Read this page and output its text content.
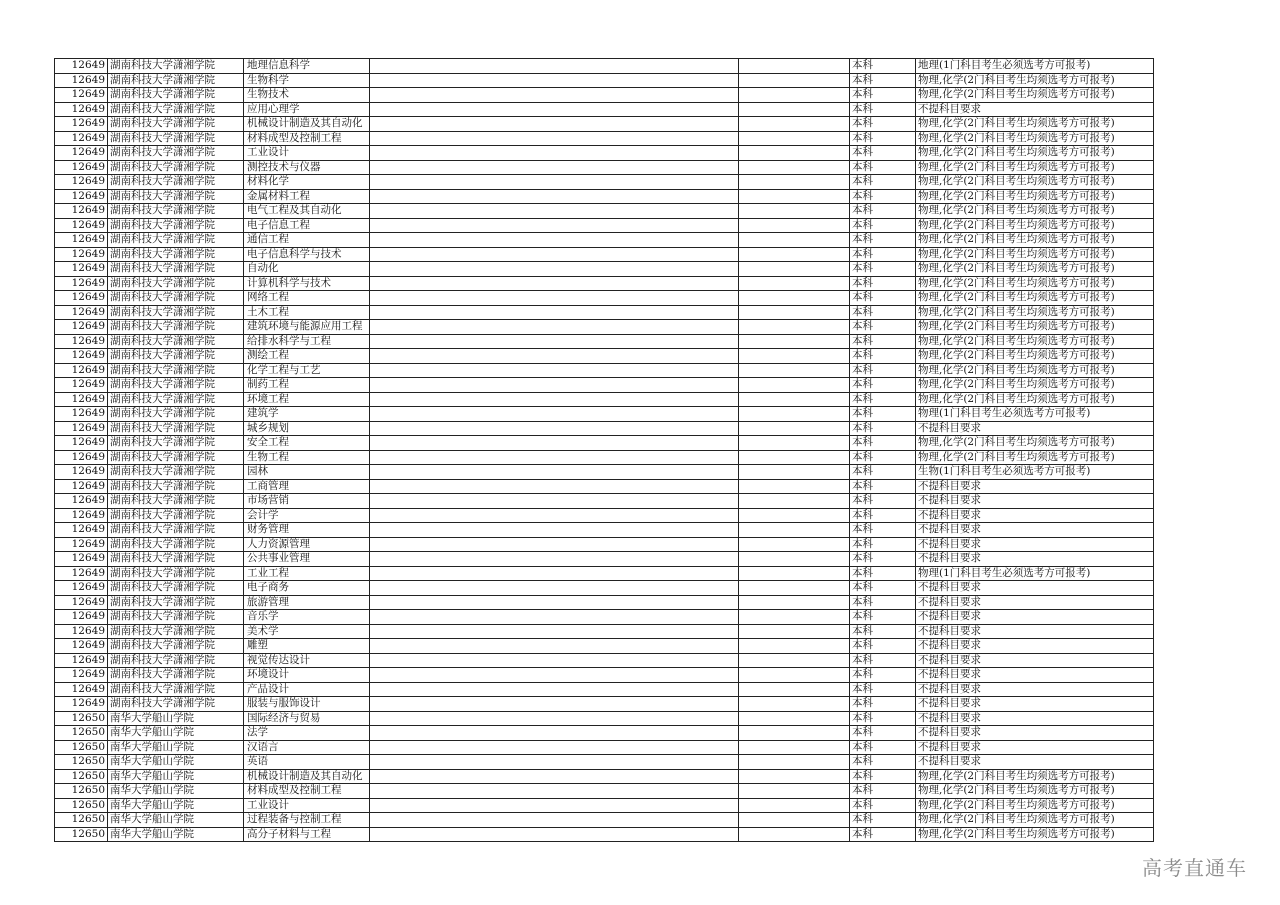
12649	湖南科技大学潇湘学院	地理信息科学			本科	地理(1门科目考生必须选考方可报考)
12649	湖南科技大学潇湘学院	生物科学			本科	物理,化学(2门科目考生均须选考方可报考)
12649	湖南科技大学潇湘学院	生物技术			本科	物理,化学(2门科目考生均须选考方可报考)
12649	湖南科技大学潇湘学院	应用心理学			本科	不提科目要求
12649	湖南科技大学潇湘学院	机械设计制造及其自动化			本科	物理,化学(2门科目考生均须选考方可报考)
12649	湖南科技大学潇湘学院	材料成型及控制工程			本科	物理,化学(2门科目考生均须选考方可报考)
12649	湖南科技大学潇湘学院	工业设计			本科	物理,化学(2门科目考生均须选考方可报考)
12649	湖南科技大学潇湘学院	测控技术与仪器			本科	物理,化学(2门科目考生均须选考方可报考)
12649	湖南科技大学潇湘学院	材料化学			本科	物理,化学(2门科目考生均须选考方可报考)
12649	湖南科技大学潇湘学院	金属材料工程			本科	物理,化学(2门科目考生均须选考方可报考)
12649	湖南科技大学潇湘学院	电气工程及其自动化			本科	物理,化学(2门科目考生均须选考方可报考)
12649	湖南科技大学潇湘学院	电子信息工程			本科	物理,化学(2门科目考生均须选考方可报考)
12649	湖南科技大学潇湘学院	通信工程			本科	物理,化学(2门科目考生均须选考方可报考)
12649	湖南科技大学潇湘学院	电子信息科学与技术			本科	物理,化学(2门科目考生均须选考方可报考)
12649	湖南科技大学潇湘学院	自动化			本科	物理,化学(2门科目考生均须选考方可报考)
12649	湖南科技大学潇湘学院	计算机科学与技术			本科	物理,化学(2门科目考生均须选考方可报考)
12649	湖南科技大学潇湘学院	网络工程			本科	物理,化学(2门科目考生均须选考方可报考)
12649	湖南科技大学潇湘学院	土木工程			本科	物理,化学(2门科目考生均须选考方可报考)
12649	湖南科技大学潇湘学院	建筑环境与能源应用工程			本科	物理,化学(2门科目考生均须选考方可报考)
12649	湖南科技大学潇湘学院	给排水科学与工程			本科	物理,化学(2门科目考生均须选考方可报考)
12649	湖南科技大学潇湘学院	测绘工程			本科	物理,化学(2门科目考生均须选考方可报考)
12649	湖南科技大学潇湘学院	化学工程与工艺			本科	物理,化学(2门科目考生均须选考方可报考)
12649	湖南科技大学潇湘学院	制药工程			本科	物理,化学(2门科目考生均须选考方可报考)
12649	湖南科技大学潇湘学院	环境工程			本科	物理,化学(2门科目考生均须选考方可报考)
12649	湖南科技大学潇湘学院	建筑学			本科	物理(1门科目考生必须选考方可报考)
12649	湖南科技大学潇湘学院	城乡规划			本科	不提科目要求
12649	湖南科技大学潇湘学院	安全工程			本科	物理,化学(2门科目考生均须选考方可报考)
12649	湖南科技大学潇湘学院	生物工程			本科	物理,化学(2门科目考生均须选考方可报考)
12649	湖南科技大学潇湘学院	园林			本科	生物(1门科目考生必须选考方可报考)
12649	湖南科技大学潇湘学院	工商管理			本科	不提科目要求
12649	湖南科技大学潇湘学院	市场营销			本科	不提科目要求
12649	湖南科技大学潇湘学院	会计学			本科	不提科目要求
12649	湖南科技大学潇湘学院	财务管理			本科	不提科目要求
12649	湖南科技大学潇湘学院	人力资源管理			本科	不提科目要求
12649	湖南科技大学潇湘学院	公共事业管理			本科	不提科目要求
12649	湖南科技大学潇湘学院	工业工程			本科	物理(1门科目考生必须选考方可报考)
12649	湖南科技大学潇湘学院	电子商务			本科	不提科目要求
12649	湖南科技大学潇湘学院	旅游管理			本科	不提科目要求
12649	湖南科技大学潇湘学院	音乐学			本科	不提科目要求
12649	湖南科技大学潇湘学院	美术学			本科	不提科目要求
12649	湖南科技大学潇湘学院	雕塑			本科	不提科目要求
12649	湖南科技大学潇湘学院	视觉传达设计			本科	不提科目要求
12649	湖南科技大学潇湘学院	环境设计			本科	不提科目要求
12649	湖南科技大学潇湘学院	产品设计			本科	不提科目要求
12649	湖南科技大学潇湘学院	服装与服饰设计			本科	不提科目要求
12650	南华大学船山学院	国际经济与贸易			本科	不提科目要求
12650	南华大学船山学院	法学			本科	不提科目要求
12650	南华大学船山学院	汉语言			本科	不提科目要求
12650	南华大学船山学院	英语			本科	不提科目要求
12650	南华大学船山学院	机械设计制造及其自动化			本科	物理,化学(2门科目考生均须选考方可报考)
12650	南华大学船山学院	材料成型及控制工程			本科	物理,化学(2门科目考生均须选考方可报考)
12650	南华大学船山学院	工业设计			本科	物理,化学(2门科目考生均须选考方可报考)
12650	南华大学船山学院	过程装备与控制工程			本科	物理,化学(2门科目考生均须选考方可报考)
12650	南华大学船山学院	高分子材料与工程			本科	物理,化学(2门科目考生均须选考方可报考)
高考直通车
